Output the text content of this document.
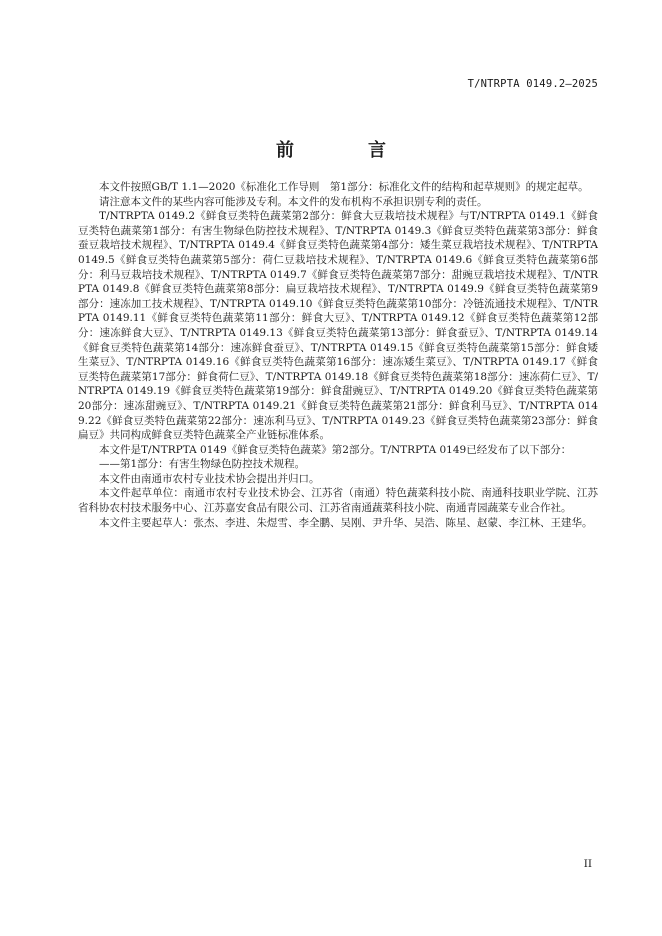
T/NTRPTA 0149.2—2025
前　言

本文件按照GB/T 1.1—2020《标准化工作导则　第1部分：标准化文件的结构和起草规则》的规定起草。

请注意本文件的某些内容可能涉及专利。本文件的发布机构不承担识别专利的责任。

T/NTRPTA 0149.2《鲜食豆类特色蔬菜第2部分：鲜食大豆栽培技术规程》与T/NTRPTA 0149.1《鲜食豆类特色蔬菜第1部分：有害生物绿色防控技术规程》、T/NTRPTA 0149.3《鲜食豆类特色蔬菜第3部分：鲜食蚕豆栽培技术规程》、T/NTRPTA 0149.4《鲜食豆类特色蔬菜第4部分：矮生菜豆栽培技术规程》、T/NTRPTA 0149.5《鲜食豆类特色蔬菜第5部分：荷仁豆栽培技术规程》、T/NTRPTA 0149.6《鲜食豆类特色蔬菜第6部分：利马豆栽培技术规程》、T/NTRPTA 0149.7《鲜食豆类特色蔬菜第7部分：甜豌豆栽培技术规程》、T/NTRPTA 0149.8《鲜食豆类特色蔬菜第8部分：扁豆栽培技术规程》、T/NTRPTA 0149.9《鲜食豆类特色蔬菜第9部分：速冻加工技术规程》、T/NTRPTA 0149.10《鲜食豆类特色蔬菜第10部分：冷链流通技术规程》、T/NTRPTA 0149.11《鲜食豆类特色蔬菜第11部分：鲜食大豆》、T/NTRPTA 0149.12《鲜食豆类特色蔬菜第12部分：速冻鲜食大豆》、T/NTRPTA 0149.13《鲜食豆类特色蔬菜第13部分：鲜食蚕豆》、T/NTRPTA 0149.14《鲜食豆类特色蔬菜第14部分：速冻鲜食蚕豆》、T/NTRPTA 0149.15《鲜食豆类特色蔬菜第15部分：鲜食矮生菜豆》、T/NTRPTA 0149.16《鲜食豆类特色蔬菜第16部分：速冻矮生菜豆》、T/NTRPTA 0149.17《鲜食豆类特色蔬菜第17部分：鲜食荷仁豆》、T/NTRPTA 0149.18《鲜食豆类特色蔬菜第18部分：速冻荷仁豆》、T/NTRPTA 0149.19《鲜食豆类特色蔬菜第19部分：鲜食甜豌豆》、T/NTRPTA 0149.20《鲜食豆类特色蔬菜第20部分：速冻甜豌豆》、T/NTRPTA 0149.21《鲜食豆类特色蔬菜第21部分：鲜食利马豆》、T/NTRPTA 0149.22《鲜食豆类特色蔬菜第22部分：速冻利马豆》、T/NTRPTA 0149.23《鲜食豆类特色蔬菜第23部分：鲜食扁豆》共同构成鲜食豆类特色蔬菜全产业链标准体系。

本文件是T/NTRPTA 0149《鲜食豆类特色蔬菜》第2部分。T/NTRPTA 0149已经发布了以下部分：

——第1部分：有害生物绿色防控技术规程。

本文件由南通市农村专业技术协会提出并归口。

本文件起草单位：南通市农村专业技术协会、江苏省（南通）特色蔬菜科技小院、南通科技职业学院、江苏省科协农村技术服务中心、江苏嘉安食品有限公司、江苏省南通蔬菜科技小院、南通青园蔬菜专业合作社。

本文件主要起草人：张杰、李进、朱煜雪、李全鹏、吴刚、尹升华、吴浩、陈星、赵蒙、李江林、王建华。

II
